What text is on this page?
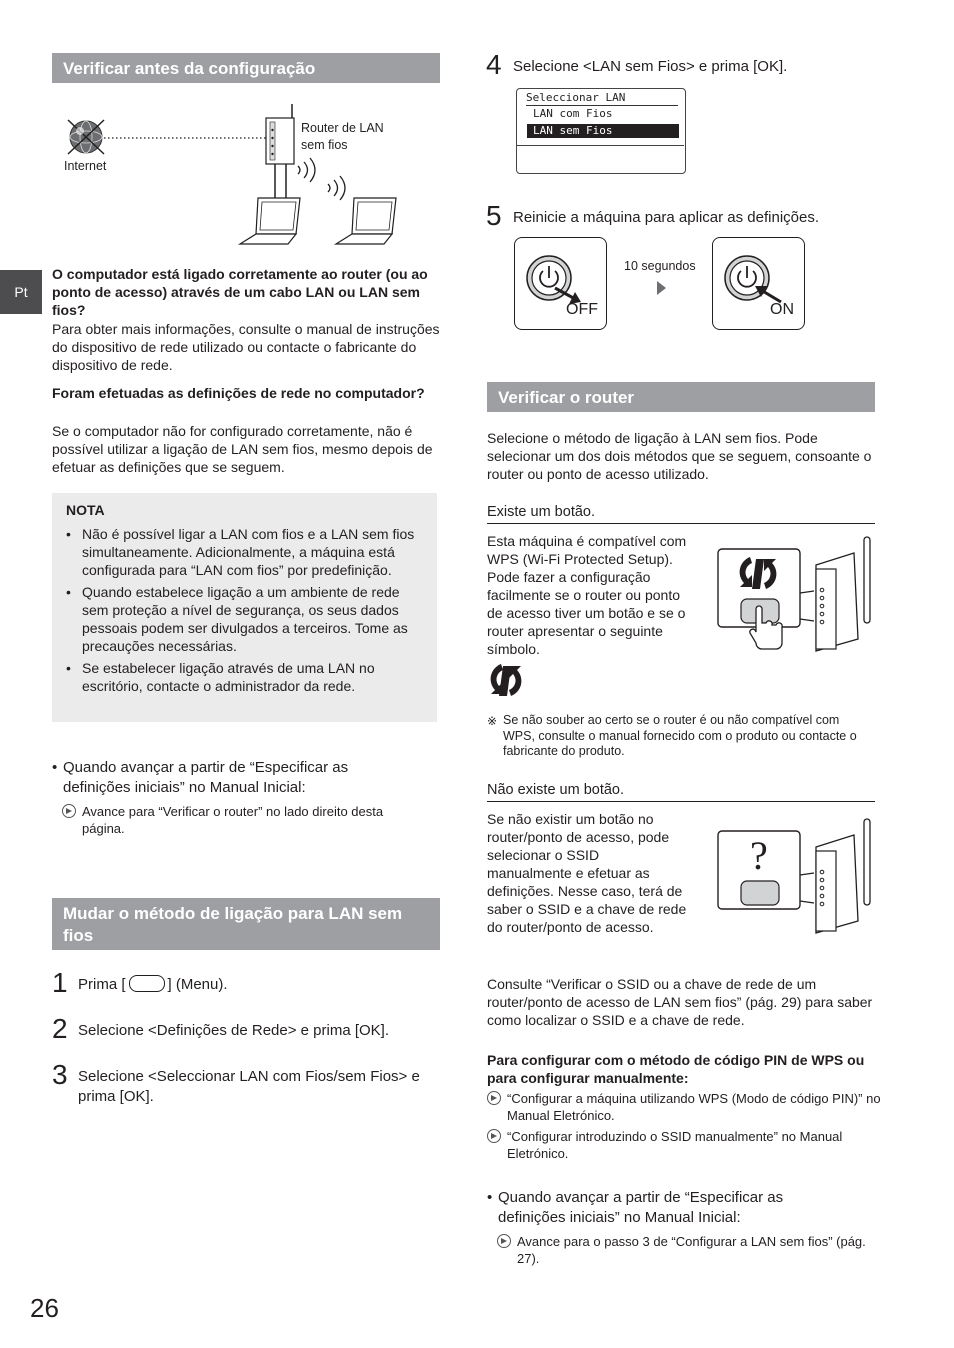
Pt
Verificar antes da configuração
Internet
Router de LAN sem fios
O computador está ligado corretamente ao router (ou ao ponto de acesso) através de um cabo LAN ou LAN sem fios?
Para obter mais informações, consulte o manual de instruções do dispositivo de rede utilizado ou contacte o fabricante do dispositivo de rede.
Foram efetuadas as definições de rede no computador?
Se o computador não for configurado corretamente, não é possível utilizar a ligação de LAN sem fios, mesmo depois de efetuar as definições que se seguem.
NOTA
• Não é possível ligar a LAN com fios e a LAN sem fios simultaneamente. Adicionalmente, a máquina está configurada para “LAN com fios” por predefinição.
• Quando estabelece ligação a um ambiente de rede sem proteção a nível de segurança, os seus dados pessoais podem ser divulgados a terceiros. Tome as precauções necessárias.
• Se estabelecer ligação através de uma LAN no escritório, contacte o administrador da rede.
• Quando avançar a partir de “Especificar as definições iniciais” no Manual Inicial:
Avance para “Verificar o router” no lado direito desta página.
Mudar o método de ligação para LAN sem fios
1 Prima [	] (Menu).
2 Selecione <Definições de Rede> e prima [OK].
3 Selecione <Seleccionar LAN com Fios/sem Fios> e prima [OK].
26
4 Selecione <LAN sem Fios> e prima [OK].
Seleccionar LAN
LAN com Fios
LAN sem Fios
5 Reinicie a máquina para aplicar as definições.
OFF
10 segundos
ON
Verificar o router
Selecione o método de ligação à LAN sem fios. Pode selecionar um dos dois métodos que se seguem, consoante o router ou ponto de acesso utilizado.
Existe um botão.
Esta máquina é compatível com WPS (Wi-Fi Protected Setup). Pode fazer a configuração facilmente se o router ou ponto de acesso tiver um botão e se o router apresentar o seguinte símbolo.
※ Se não souber ao certo se o router é ou não compatível com WPS, consulte o manual fornecido com o produto ou contacte o fabricante do produto.
Não existe um botão.
Se não existir um botão no router/ponto de acesso, pode selecionar o SSID manualmente e efetuar as definições. Nesse caso, terá de saber o SSID e a chave de rede do router/ponto de acesso.
?
Consulte “Verificar o SSID ou a chave de rede de um router/ponto de acesso de LAN sem fios” (pág. 29) para saber como localizar o SSID e a chave de rede.
Para configurar com o método de código PIN de WPS ou para configurar manualmente:
“Configurar a máquina utilizando WPS (Modo de código PIN)” no Manual Eletrónico.
“Configurar introduzindo o SSID manualmente” no Manual Eletrónico.
• Quando avançar a partir de “Especificar as definições iniciais” no Manual Inicial:
Avance para o passo 3 de “Configurar a LAN sem fios” (pág. 27).
